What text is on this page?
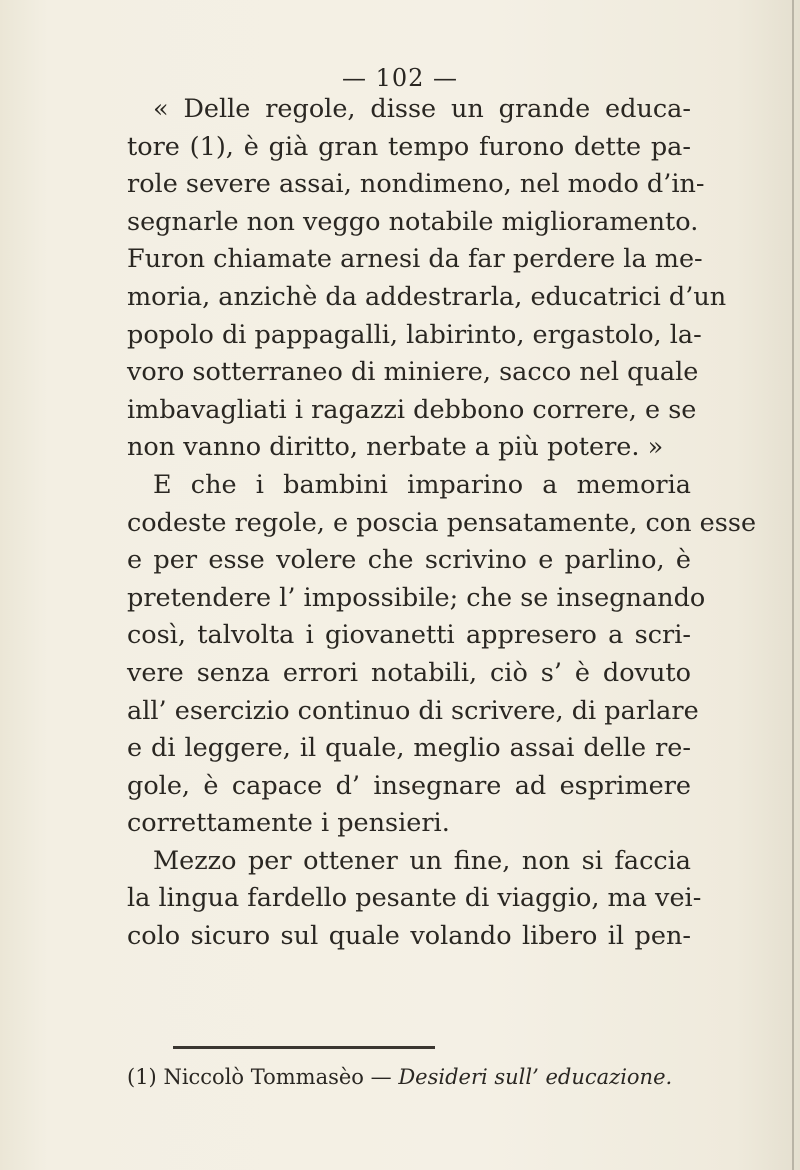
— 102 —
« Delle regole, disse un grande educa-
tore (1), è già gran tempo furono dette pa-
role severe assai, nondimeno, nel modo d’in-
segnarle non veggo notabile miglioramento.
Furon chiamate arnesi da far perdere la me-
moria, anzichè da addestrarla, educatrici d’un
popolo di pappagalli, labirinto, ergastolo, la-
voro sotterraneo di miniere, sacco nel quale
imbavagliati i ragazzi debbono correre, e se
non vanno diritto, nerbate a più potere. »
E che i bambini imparino a memoria
codeste regole, e poscia pensatamente, con esse
e per esse volere che scrivino e parlino, è
pretendere l’ impossibile; che se insegnando
così, talvolta i giovanetti appresero a scri-
vere senza errori notabili, ciò s’ è dovuto
all’ esercizio continuo di scrivere, di parlare
e di leggere, il quale, meglio assai delle re-
gole, è capace d’ insegnare ad esprimere
correttamente i pensieri.
Mezzo per ottener un fine, non si faccia
la lingua fardello pesante di viaggio, ma vei-
colo sicuro sul quale volando libero il pen-
(1) Niccolò Tommasèo — Desideri sull’ educazione.
